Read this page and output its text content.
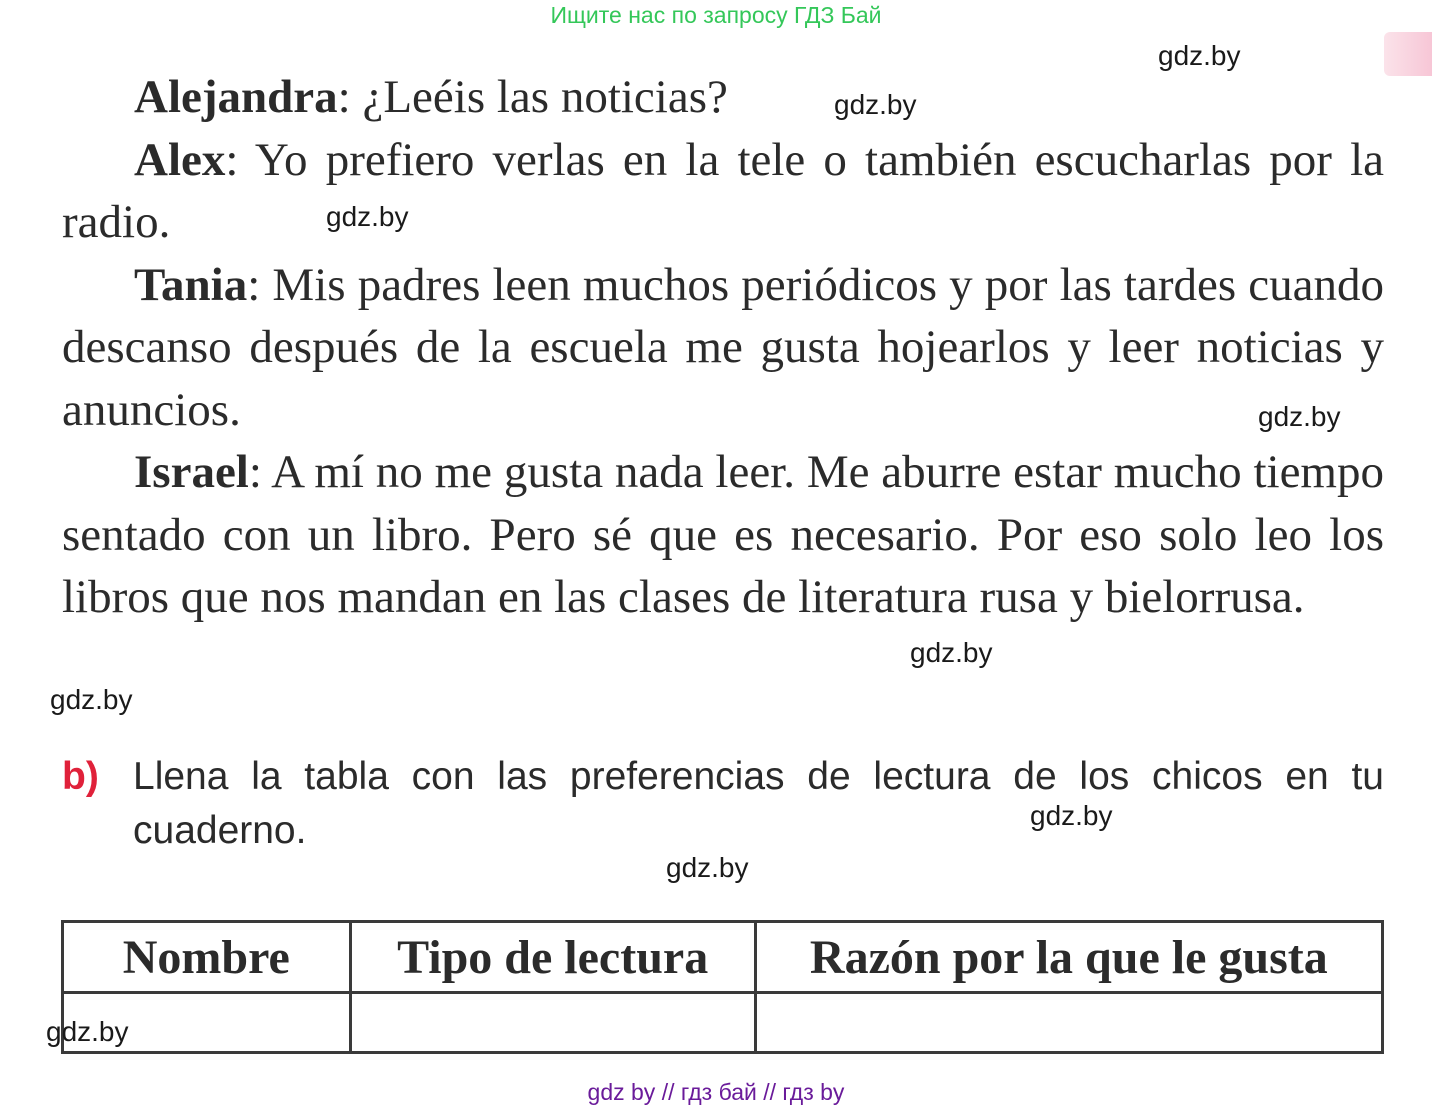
Ищите нас по запросу ГДЗ Бай

Alejandra: ¿Leéis las noticias?

Alex: Yo prefiero verlas en la tele o también escucharlas por la radio.

Tania: Mis padres leen muchos periódicos y por las tardes cuando descanso después de la escuela me gusta hojearlos y leer noticias y anuncios.

Israel: A mí no me gusta nada leer. Me aburre estar mucho tiempo sentado con un libro. Pero sé que es necesario. Por eso solo leo los libros que nos mandan en las clases de literatura rusa y bielorrusa.

b) Llena la tabla con las preferencias de lectura de los chicos en tu cuaderno.
Nombre	Tipo de lectura	Razón por la que le gusta

gdz.by
gdz.by
gdz.by
gdz.by
gdz.by
gdz.by
gdz.by
gdz.by
gdz.by
gdz by // гдз бай // гдз by
